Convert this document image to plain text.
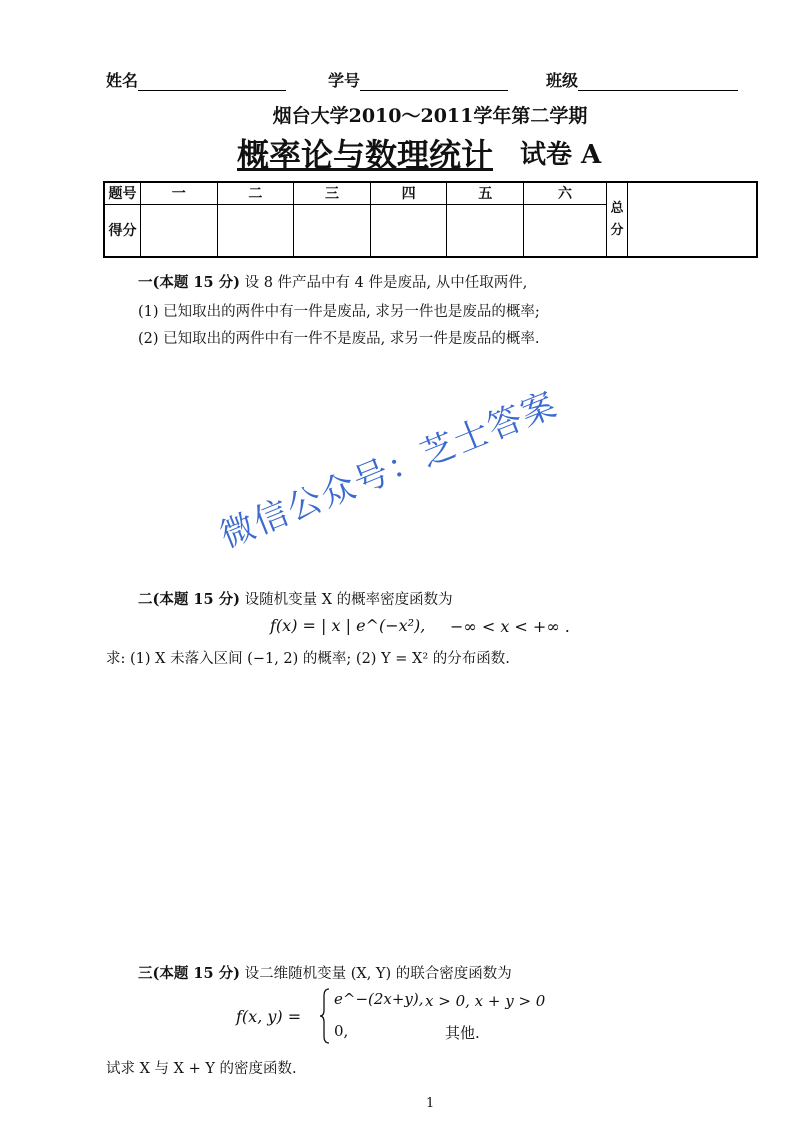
姓名	学号	班级
烟台大学2010～2011学年第二学期
概率论与数理统计 试卷 A
题号	一	二	三	四	五	六	总分	
得分								
一(本题 15 分) 设 8 件产品中有 4 件是废品, 从中任取两件,
(1) 已知取出的两件中有一件是废品, 求另一件也是废品的概率;
(2) 已知取出的两件中有一件不是废品, 求另一件是废品的概率.
二(本题 15 分) 设随机变量 X 的概率密度函数为
f(x) = | x | e^(−x²), −∞ < x < +∞ .
求: (1) X 未落入区间 (−1, 2) 的概率; (2) Y = X² 的分布函数.
三(本题 15 分) 设二维随机变量 (X, Y) 的联合密度函数为
f(x, y) =
e^−(2x+y), x > 0, x + y > 0
0,	其他.
试求 X 与 X + Y 的密度函数.
1
微信公众号：芝士答案
